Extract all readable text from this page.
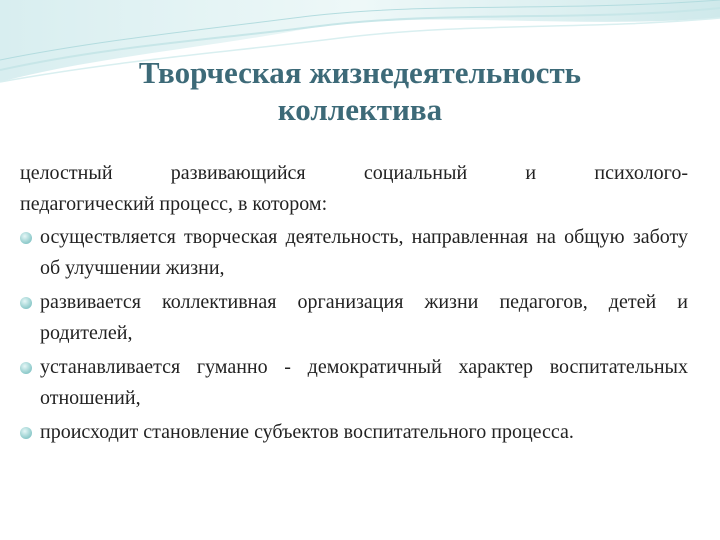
Творческая жизнедеятельность
коллектива
целостный развивающийся социальный и психолого-
педагогический процесс, в котором:
осуществляется творческая деятельность, направленная на общую заботу об улучшении жизни,
развивается коллективная организация жизни педагогов, детей и родителей,
устанавливается гуманно - демократичный характер воспитательных отношений,
происходит становление субъектов воспитательного процесса.
